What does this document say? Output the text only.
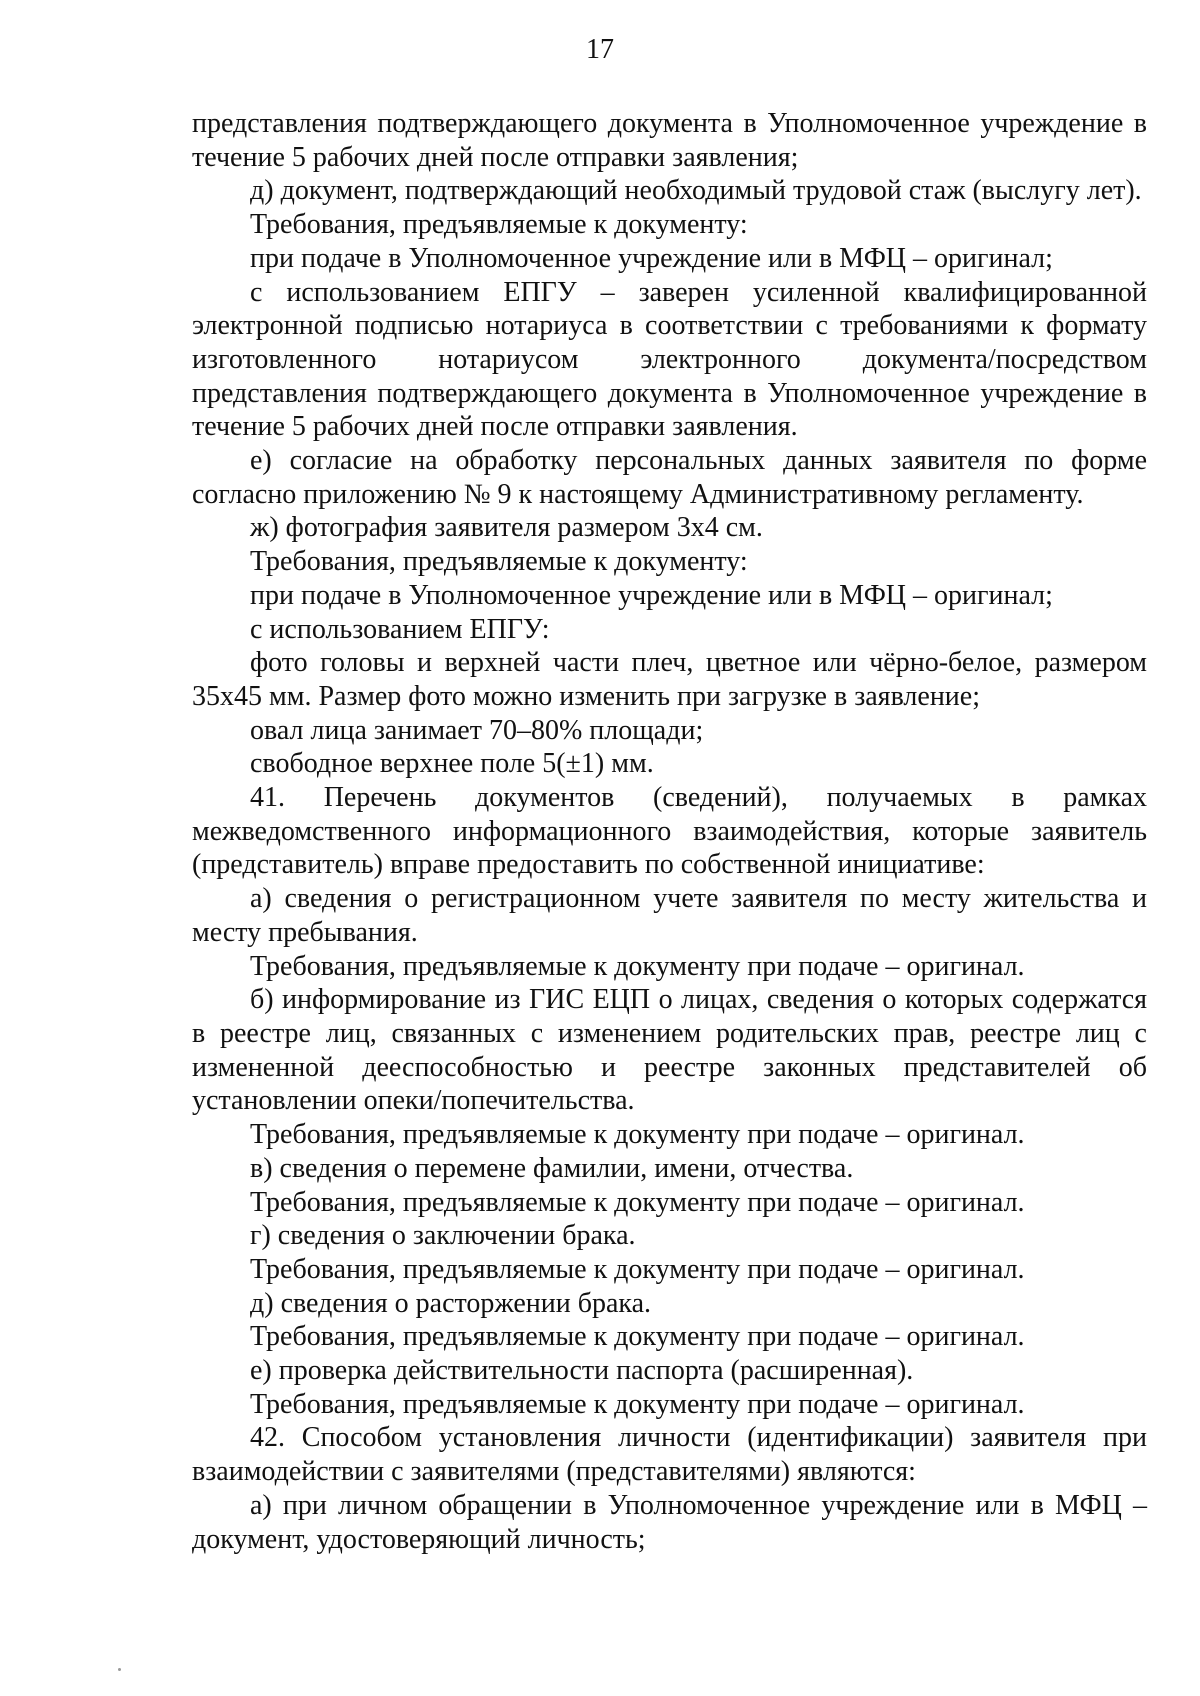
17

представления подтверждающего документа в Уполномоченное учреждение в течение 5 рабочих дней после отправки заявления;

д) документ, подтверждающий необходимый трудовой стаж (выслугу лет).

Требования, предъявляемые к документу:

при подаче в Уполномоченное учреждение или в МФЦ – оригинал;

с использованием ЕПГУ – заверен усиленной квалифицированной электронной подписью нотариуса в соответствии с требованиями к формату изготовленного нотариусом электронного документа/посредством представления подтверждающего документа в Уполномоченное учреждение в течение 5 рабочих дней после отправки заявления.

е) согласие на обработку персональных данных заявителя по форме согласно приложению № 9 к настоящему Административному регламенту.

ж) фотография заявителя размером 3х4 см.

Требования, предъявляемые к документу:

при подаче в Уполномоченное учреждение или в МФЦ – оригинал;

с использованием ЕПГУ:

фото головы и верхней части плеч, цветное или чёрно-белое, размером 35х45 мм. Размер фото можно изменить при загрузке в заявление;

овал лица занимает 70–80% площади;

свободное верхнее поле 5(±1) мм.

41. Перечень документов (сведений), получаемых в рамках межведомственного информационного взаимодействия, которые заявитель (представитель) вправе предоставить по собственной инициативе:

а) сведения о регистрационном учете заявителя по месту жительства и месту пребывания.

Требования, предъявляемые к документу при подаче – оригинал.

б) информирование из ГИС ЕЦП о лицах, сведения о которых содержатся в реестре лиц, связанных с изменением родительских прав, реестре лиц с измененной дееспособностью и реестре законных представителей об установлении опеки/попечительства.

Требования, предъявляемые к документу при подаче – оригинал.

в) сведения о перемене фамилии, имени, отчества.

Требования, предъявляемые к документу при подаче – оригинал.

г) сведения о заключении брака.

Требования, предъявляемые к документу при подаче – оригинал.

д) сведения о расторжении брака.

Требования, предъявляемые к документу при подаче – оригинал.

е) проверка действительности паспорта (расширенная).

Требования, предъявляемые к документу при подаче – оригинал.

42. Способом установления личности (идентификации) заявителя при взаимодействии с заявителями (представителями) являются:

а) при личном обращении в Уполномоченное учреждение или в МФЦ – документ, удостоверяющий личность;
